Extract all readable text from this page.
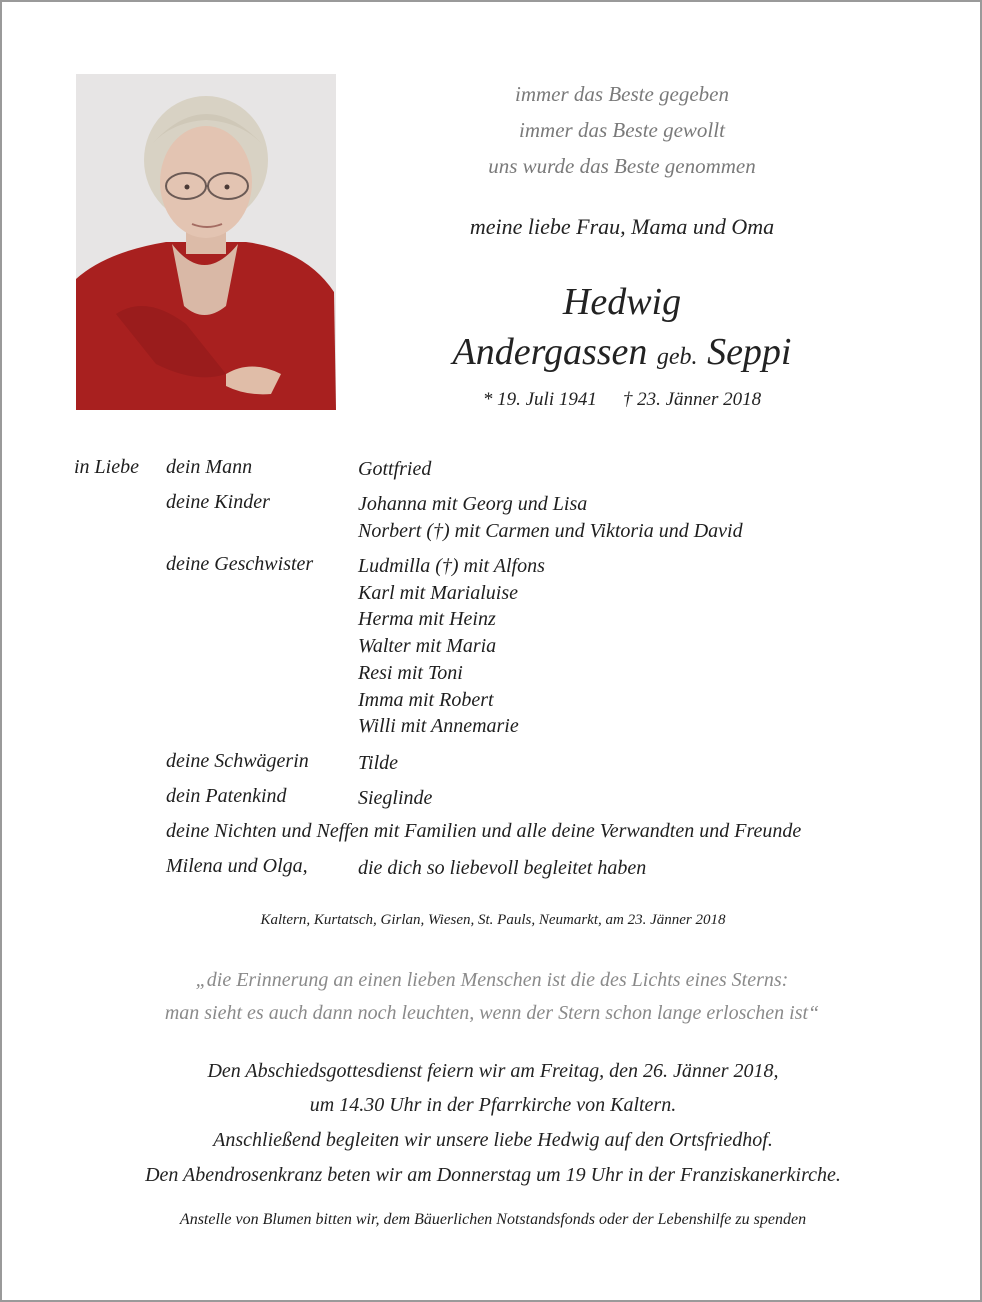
immer das Beste gegeben
immer das Beste gewollt
uns wurde das Beste genommen
meine liebe Frau, Mama und Oma
Hedwig
Andergassen geb. Seppi
* 19. Juli 1941 † 23. Jänner 2018
in Liebe dein Mann	Gottfried
deine Kinder	Johanna mit Georg und Lisa
Norbert (†) mit Carmen und Viktoria und David
deine Geschwister Ludmilla (†) mit Alfons
Karl mit Marialuise
Herma mit Heinz
Walter mit Maria
Resi mit Toni
Imma mit Robert
Willi mit Annemarie
deine Schwägerin Tilde
dein Patenkind	Sieglinde
deine Nichten und Neffen mit Familien und alle deine Verwandten und Freunde
Milena und Olga,	die dich so liebevoll begleitet haben
Kaltern, Kurtatsch, Girlan, Wiesen, St. Pauls, Neumarkt, am 23. Jänner 2018
„die Erinnerung an einen lieben Menschen ist die des Lichts eines Sterns:
man sieht es auch dann noch leuchten, wenn der Stern schon lange erloschen ist“
Den Abschiedsgottesdienst feiern wir am Freitag, den 26. Jänner 2018,
um 14.30 Uhr in der Pfarrkirche von Kaltern.
Anschließend begleiten wir unsere liebe Hedwig auf den Ortsfriedhof.
Den Abendrosenkranz beten wir am Donnerstag um 19 Uhr in der Franziskanerkirche.
Anstelle von Blumen bitten wir, dem Bäuerlichen Notstandsfonds oder der Lebenshilfe zu spenden
